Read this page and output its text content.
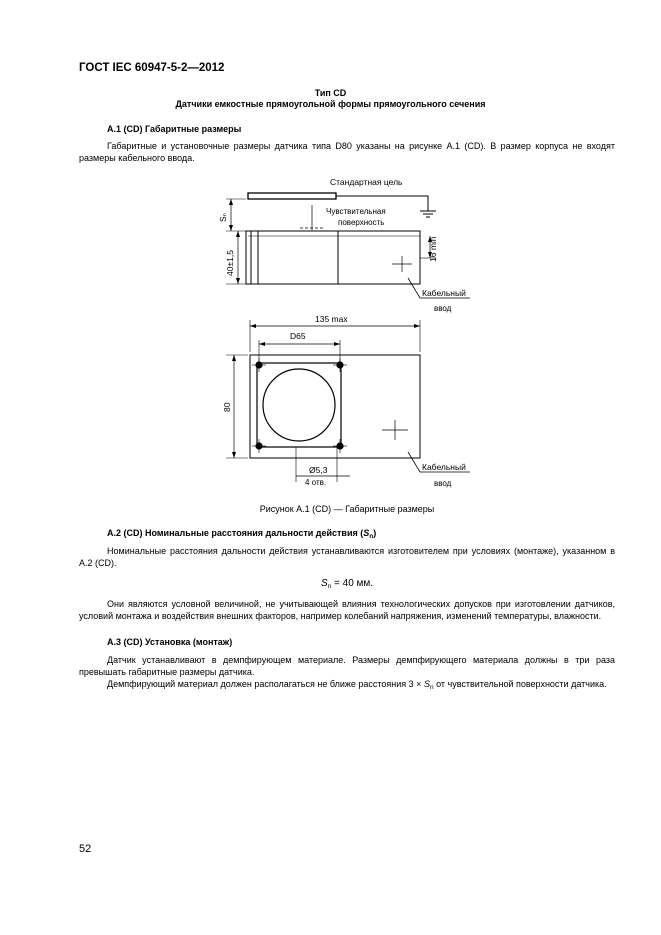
ГОСТ IEC 60947-5-2—2012
Тип CD
Датчики емкостные прямоугольной формы прямоугольного сечения
А.1 (CD) Габаритные размеры
Габаритные и установочные размеры датчика типа D80 указаны на рисунке А.1 (CD). В размер корпуса не входят размеры кабельного ввода.
Стандартная цель
Чувствительная
поверхность
Sₙ
40±1,5
16 min
Кабельный
ввод
135 max
D65
80
Ø5,3
4 отв.
Кабельный
ввод
Рисунок А.1 (CD) — Габаритные размеры
А.2 (CD) Номинальные расстояния дальности действия $(S_n)$
Номинальные расстояния дальности действия устанавливаются изготовителем при условиях (монтаже), указанном в А.2 (CD).
$S_n = 40$ мм.
Они являются условной величиной, не учитывающей влияния технологических допусков при изготовлении датчиков, условий монтажа и воздействия внешних факторов, например колебаний напряжения, изменений температуры, влажности.
А.3 (CD) Установка (монтаж)
Датчик устанавливают в демпфирующем материале. Размеры демпфирующего материала должны в три раза превышать габаритные размеры датчика.
Демпфирующий материал должен располагаться не ближе расстояния $3 \times S_n$ от чувствительной поверхности датчика.
52
